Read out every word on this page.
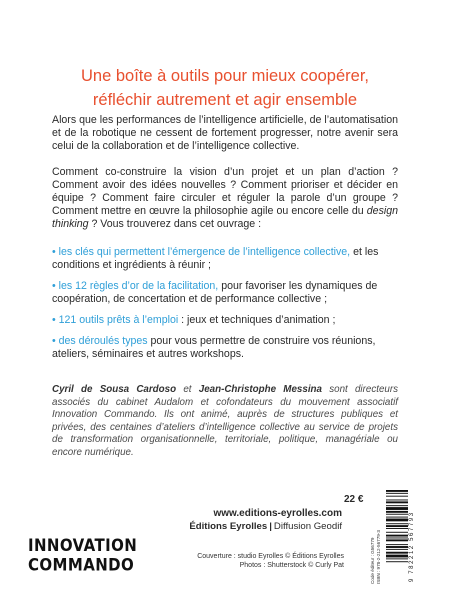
Une boîte à outils pour mieux coopérer,
réfléchir autrement et agir ensemble
Alors que les performances de l’intelligence artificielle, de l’automatisation et de la robotique ne cessent de fortement progresser, notre avenir sera celui de la collaboration et de l’intelligence collective.
Comment co-construire la vision d’un projet et un plan d’action ? Comment avoir des idées nouvelles ? Comment prioriser et décider en équipe ? Comment faire circuler et réguler la parole d’un groupe ? Comment mettre en œuvre la philosophie agile ou encore celle du design thinking ? Vous trouverez dans cet ouvrage :
• les clés qui permettent l’émergence de l’intelligence collective, et les conditions et ingrédients à réunir ;
• les 12 règles d’or de la facilitation, pour favoriser les dynamiques de coopération, de concertation et de performance collective ;
• 121 outils prêts à l’emploi : jeux et techniques d’animation ;
• des déroulés types pour vous permettre de construire vos réunions, ateliers, séminaires et autres workshops.
Cyril de Sousa Cardoso et Jean-Christophe Messina sont directeurs associés du cabinet Audalom et cofondateurs du mouvement associatif Innovation Commando. Ils ont animé, auprès de structures publiques et privées, des centaines d’ateliers d’intelligence collective au service de projets de transformation organisationnelle, territoriale, politique, managériale ou encore numérique.
22 €
www.editions-eyrolles.com
Éditions Eyrolles | Diffusion Geodif
Couverture : studio Eyrolles © Éditions Eyrolles
Photos : Shutterstock © Curly Pat
INNOVATION
COMMANDO	Code éditeur : G56779 ISBN : 978-2-212-56779-3	9 782212 567793
